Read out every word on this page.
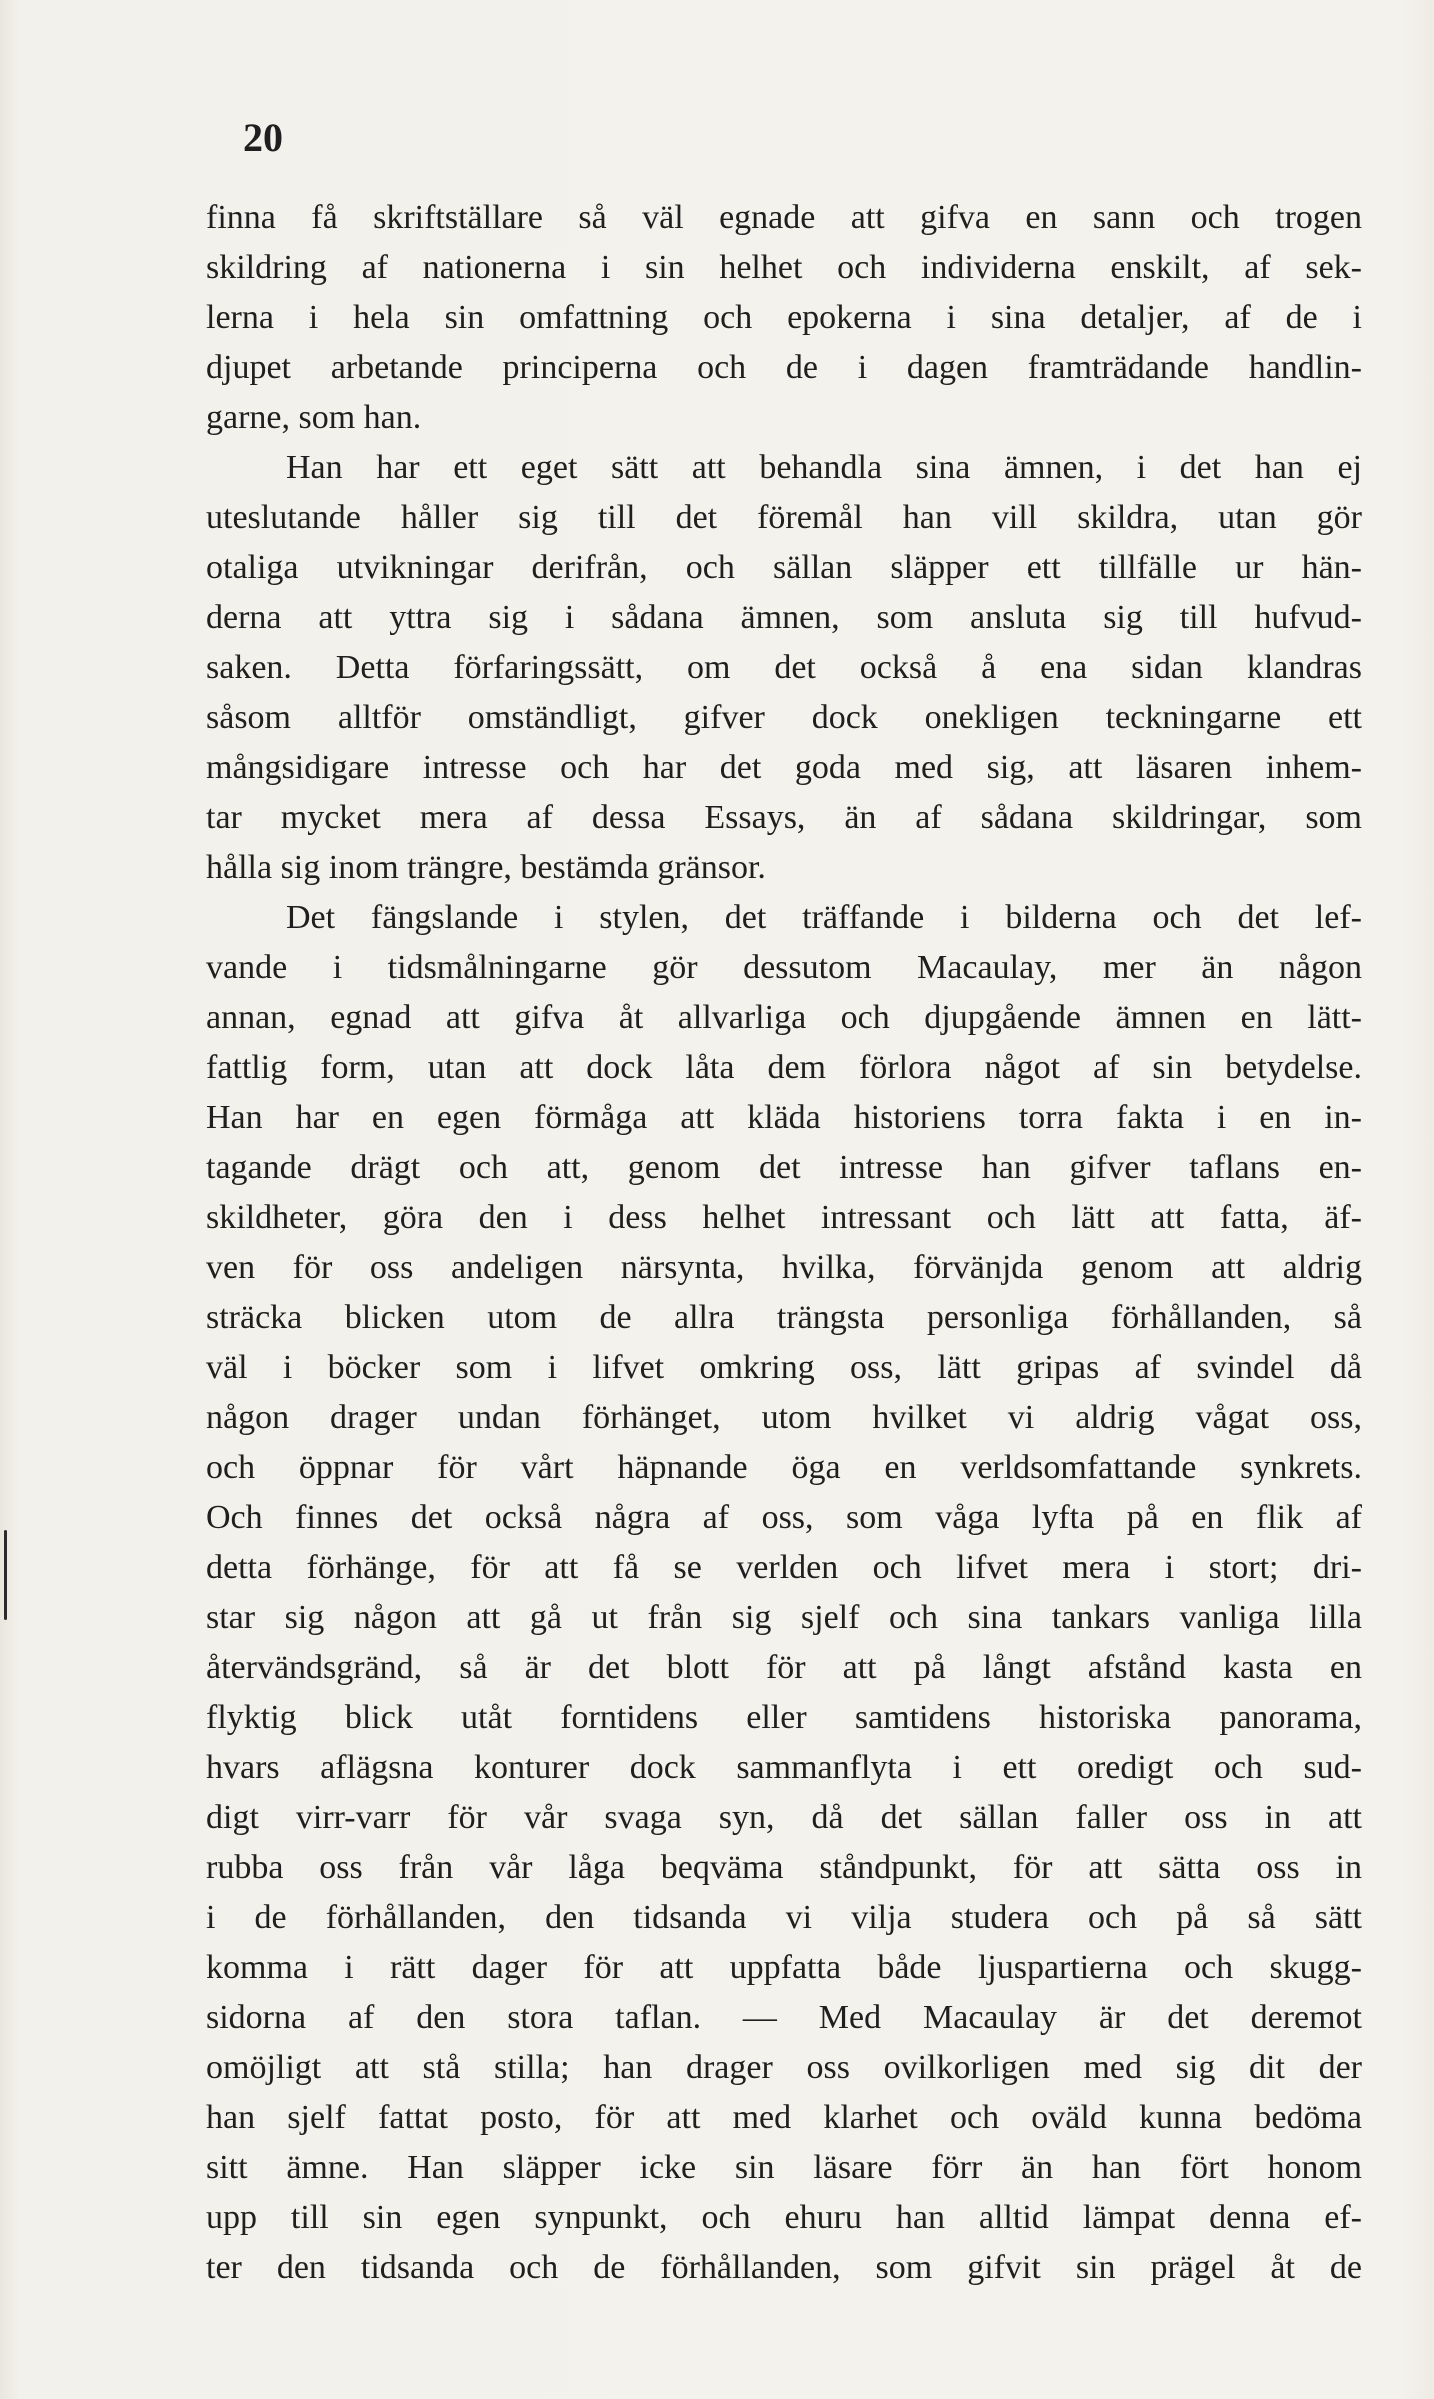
20
finna få skriftställare så väl egnade att gifva en sann och trogen
skildring af nationerna i sin helhet och individerna enskilt, af sek-
lerna i hela sin omfattning och epokerna i sina detaljer, af de i
djupet arbetande principerna och de i dagen framträdande handlin-
garne, som han.
Han har ett eget sätt att behandla sina ämnen, i det han ej
uteslutande håller sig till det föremål han vill skildra, utan gör
otaliga utvikningar derifrån, och sällan släpper ett tillfälle ur hän-
derna att yttra sig i sådana ämnen, som ansluta sig till hufvud-
saken. Detta förfaringssätt, om det också å ena sidan klandras
såsom alltför omständligt, gifver dock onekligen teckningarne ett
mångsidigare intresse och har det goda med sig, att läsaren inhem-
tar mycket mera af dessa Essays, än af sådana skildringar, som
hålla sig inom trängre, bestämda gränsor.
Det fängslande i stylen, det träffande i bilderna och det lef-
vande i tidsmålningarne gör dessutom Macaulay, mer än någon
annan, egnad att gifva åt allvarliga och djupgående ämnen en lätt-
fattlig form, utan att dock låta dem förlora något af sin betydelse.
Han har en egen förmåga att kläda historiens torra fakta i en in-
tagande drägt och att, genom det intresse han gifver taflans en-
skildheter, göra den i dess helhet intressant och lätt att fatta, äf-
ven för oss andeligen närsynta, hvilka, förvänjda genom att aldrig
sträcka blicken utom de allra trängsta personliga förhållanden, så
väl i böcker som i lifvet omkring oss, lätt gripas af svindel då
någon drager undan förhänget, utom hvilket vi aldrig vågat oss,
och öppnar för vårt häpnande öga en verldsomfattande synkrets.
Och finnes det också några af oss, som våga lyfta på en flik af
detta förhänge, för att få se verlden och lifvet mera i stort; dri-
star sig någon att gå ut från sig sjelf och sina tankars vanliga lilla
återvändsgränd, så är det blott för att på långt afstånd kasta en
flyktig blick utåt forntidens eller samtidens historiska panorama,
hvars aflägsna konturer dock sammanflyta i ett oredigt och sud-
digt virr-varr för vår svaga syn, då det sällan faller oss in att
rubba oss från vår låga beqväma ståndpunkt, för att sätta oss in
i de förhållanden, den tidsanda vi vilja studera och på så sätt
komma i rätt dager för att uppfatta både ljuspartierna och skugg-
sidorna af den stora taflan. — Med Macaulay är det deremot
omöjligt att stå stilla; han drager oss ovilkorligen med sig dit der
han sjelf fattat posto, för att med klarhet och oväld kunna bedöma
sitt ämne. Han släpper icke sin läsare förr än han fört honom
upp till sin egen synpunkt, och ehuru han alltid lämpat denna ef-
ter den tidsanda och de förhållanden, som gifvit sin prägel åt de
